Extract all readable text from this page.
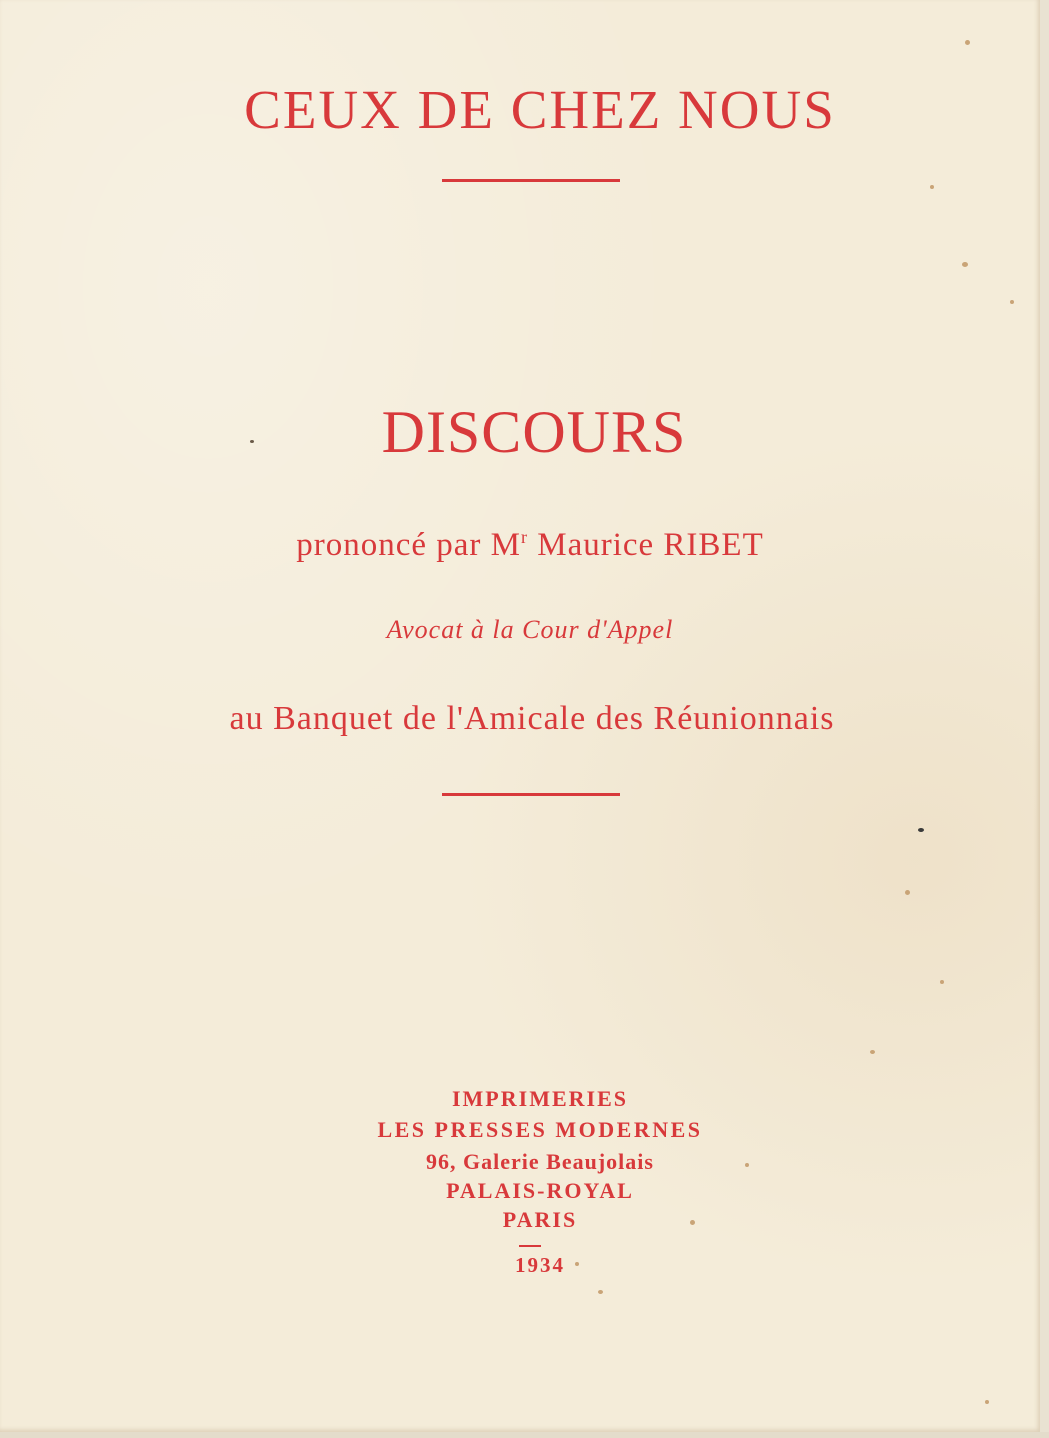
CEUX DE CHEZ NOUS

DISCOURS

prononcé par $M^r$ Maurice RIBET

Avocat à la Cour d'Appel

au Banquet de l'Amicale des Réunionnais

IMPRIMERIES

LES PRESSES MODERNES

96, Galerie Beaujolais

PALAIS-ROYAL

PARIS

1934
